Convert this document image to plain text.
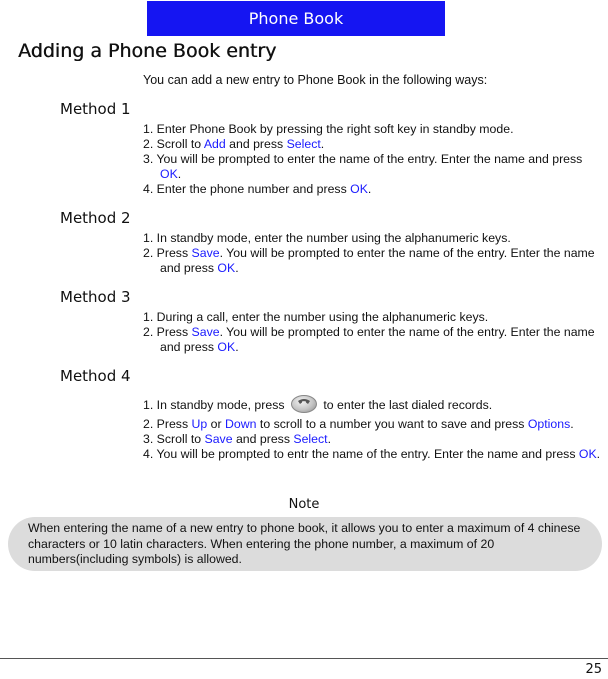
Phone Book
Adding a Phone Book entry
You can add a new entry to Phone Book in the following ways:
Method 1

1. Enter Phone Book by pressing the right soft key in standby mode.

2. Scroll to Add and press Select.

3. You will be prompted to enter the name of the entry. Enter the name and press OK.

4. Enter the phone number and press OK.

Method 2

1. In standby mode, enter the number using the alphanumeric keys.

2. Press Save. You will be prompted to enter the name of the entry. Enter the name and press OK.

Method 3

1. During a call, enter the number using the alphanumeric keys.

2. Press Save. You will be prompted to enter the name of the entry. Enter the name and press OK.

Method 4

1. In standby mode, press	to enter the last dialed records.

2. Press Up or Down to scroll to a number you want to save and press Options.

3. Scroll to Save and press Select.

4. You will be prompted to entr the name of the entry. Enter the name and press OK.

Note
When entering the name of a new entry to phone book, it allows you to enter a maximum of 4 chinese characters or 10 latin characters. When entering the phone number, a maximum of 20 numbers(including symbols) is allowed.
25
